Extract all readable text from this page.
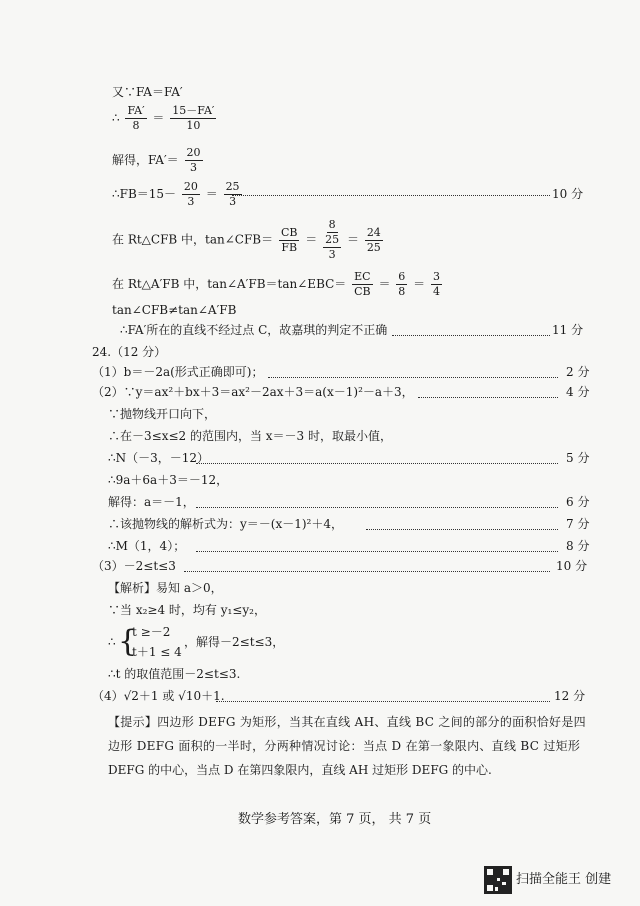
又∵FA＝FA′
∴ $\frac{FA'}{8} = \frac{15-FA'}{10}$
解得，$FA'= \frac{20}{3}$
∴FB＝15－ $\frac{20}{3} = \frac{25}{3}$	10 分
在 Rt△CFB 中，tan∠CFB＝ $\frac{CB}{FB} = \frac{8}{\frac{25}{3}} = \frac{24}{25}$
在 Rt△A′FB 中，tan∠A′FB＝tan∠EBC＝ $\frac{EC}{CB} = \frac{6}{8} = \frac{3}{4}$
tan∠CFB≠tan∠A′FB
∴FA′所在的直线不经过点 C，故嘉琪的判定不正确	11 分
24.（12 分）
（1）b＝－2a(形式正确即可)；	2 分
（2）∵y＝ax²＋bx＋3＝ax²－2ax＋3＝a(x－1)²－a＋3，	4 分
∵抛物线开口向下，
∴在－3≤x≤2 的范围内，当 x＝－3 时，取最小值，
∴N（－3，－12）	5 分
∴9a＋6a＋3＝－12，
解得：a＝－1，	6 分
∴该抛物线的解析式为：y＝－(x－1)²＋4，	7 分
∴M（1，4）；	8 分
（3）－2≤t≤3	10 分
【解析】易知 a＞0，
∵当 x₂≥4 时，均有 y₁≤y₂，
∴ {
t ≥－2
t＋1 ≤ 4
，解得－2≤t≤3，
∴t 的取值范围－2≤t≤3.
（4）√2＋1 或 √10＋1.	12 分
【提示】四边形 DEFG 为矩形，当其在直线 AH、直线 BC 之间的部分的面积恰好是四
边形 DEFG 面积的一半时，分两种情况讨论：当点 D 在第一象限内、直线 BC 过矩形
DEFG 的中心，当点 D 在第四象限内，直线 AH 过矩形 DEFG 的中心.
数学参考答案，第 7 页， 共 7 页
扫描全能王 创建
